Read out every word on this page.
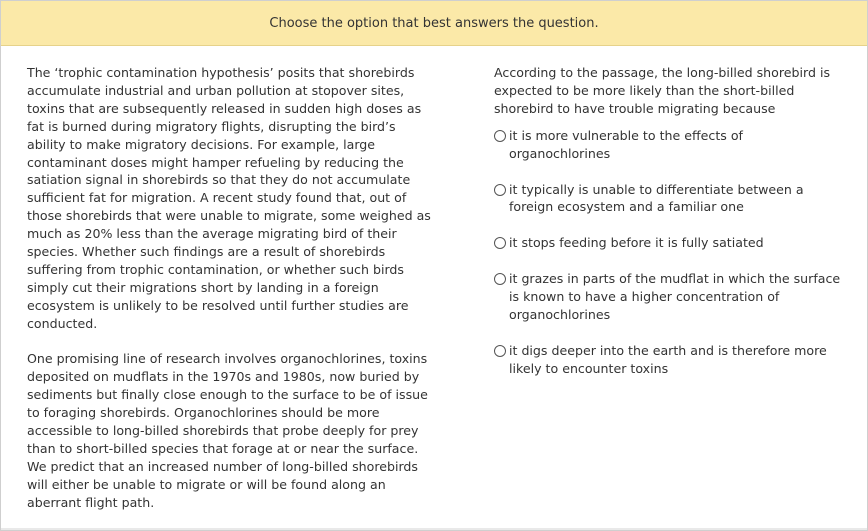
Choose the option that best answers the question.

The ‘trophic contamination hypothesis’ posits that shorebirds accumulate industrial and urban pollution at stopover sites, toxins that are subsequently released in sudden high doses as fat is burned during migratory flights, disrupting the bird’s ability to make migratory decisions. For example, large contaminant doses might hamper refueling by reducing the satiation signal in shorebirds so that they do not accumulate sufficient fat for migration. A recent study found that, out of those shorebirds that were unable to migrate, some weighed as much as 20% less than the average migrating bird of their species. Whether such findings are a result of shorebirds suffering from trophic contamination, or whether such birds simply cut their migrations short by landing in a foreign ecosystem is unlikely to be resolved until further studies are conducted.

One promising line of research involves organochlorines, toxins deposited on mudflats in the 1970s and 1980s, now buried by sediments but finally close enough to the surface to be of issue to foraging shorebirds. Organochlorines should be more accessible to long-billed shorebirds that probe deeply for prey than to short-billed species that forage at or near the surface. We predict that an increased number of long-billed shorebirds will either be unable to migrate or will be found along an aberrant flight path.

According to the passage, the long-billed shorebird is expected to be more likely than the short-billed shorebird to have trouble migrating because
it is more vulnerable to the effects of organochlorines
it typically is unable to differentiate between a foreign ecosystem and a familiar one
it stops feeding before it is fully satiated
it grazes in parts of the mudflat in which the surface is known to have a higher concentration of organochlorines
it digs deeper into the earth and is therefore more likely to encounter toxins
